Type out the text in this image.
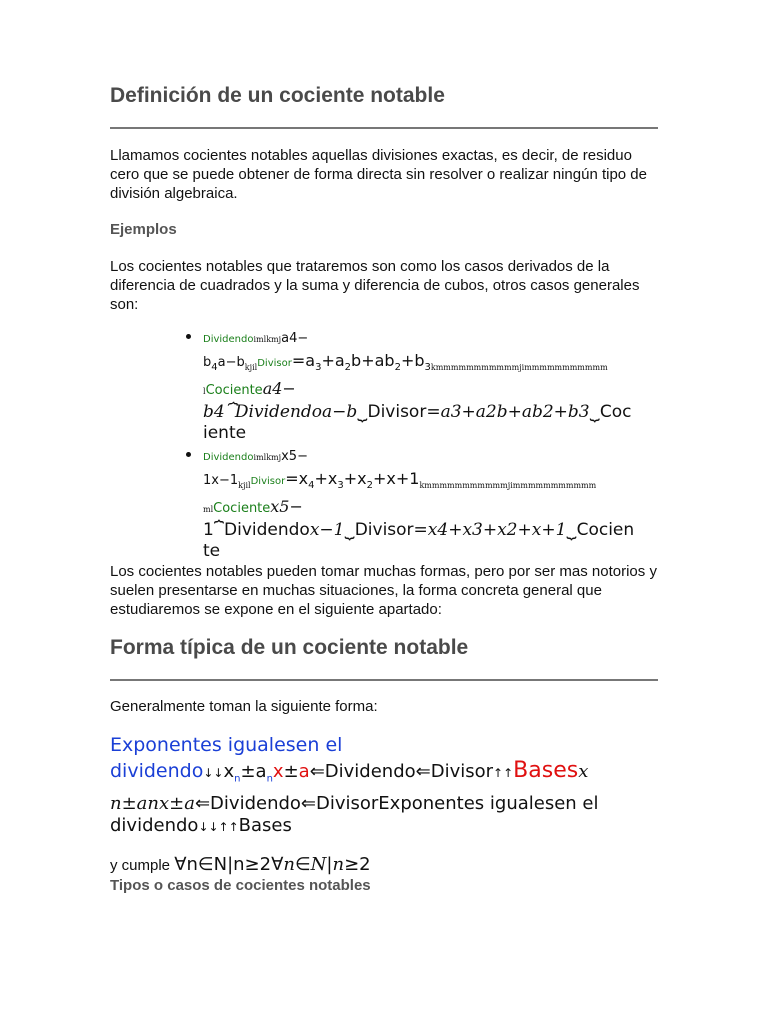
Definición de un cociente notable

Llamamos cocientes notables aquellas divisiones exactas, es decir, de residuo cero que se puede obtener de forma directa sin resolver o realizar ningún tipo de división algebraica.

Ejemplos

Los cocientes notables que trataremos son como los casos derivados de la diferencia de cuadrados y la suma y diferencia de cubos, otros casos generales son:

• Dividendoimlkmja4−
$b_4a-b_{kjil}Divisor=a_3+a_2b+ab_2+b_{3kmmmmmmmmmmmjimmmmmmmmmmm}$
lCocientea4−
b4⏞Dividendoa−b⏟Divisor=a3+a2b+ab2+b3⏟Coc
iente
• Dividendoimlkmjx5−
$1x-1_{kjil}Divisor=x_4+x_3+x_2+x+1_{kmmmmmmmmmmmjimmmmmmmmmmm}$
mlCocientex5−
1⏞Dividendox−1⏟Divisor=x4+x3+x2+x+1⏟Cocien
te

Los cocientes notables pueden tomar muchas formas, pero por ser mas notorios y suelen presentarse en muchas situaciones, la forma concreta general que estudiaremos se expone en el siguiente apartado:

Forma típica de un cociente notable

Generalmente toman la siguiente forma:

Exponentes igualesen el
$dividendo↓↓x_n\pm a_nx\pm a⇐Dividendo⇐Divisor↑↑Basesx$
n±anx±a⇐Dividendo⇐DivisorExponentes igualesen el
dividendo↓↓↑↑Bases
y cumple ∀n∈N|n≥2∀n∈N|n≥2
Tipos o casos de cocientes notables
